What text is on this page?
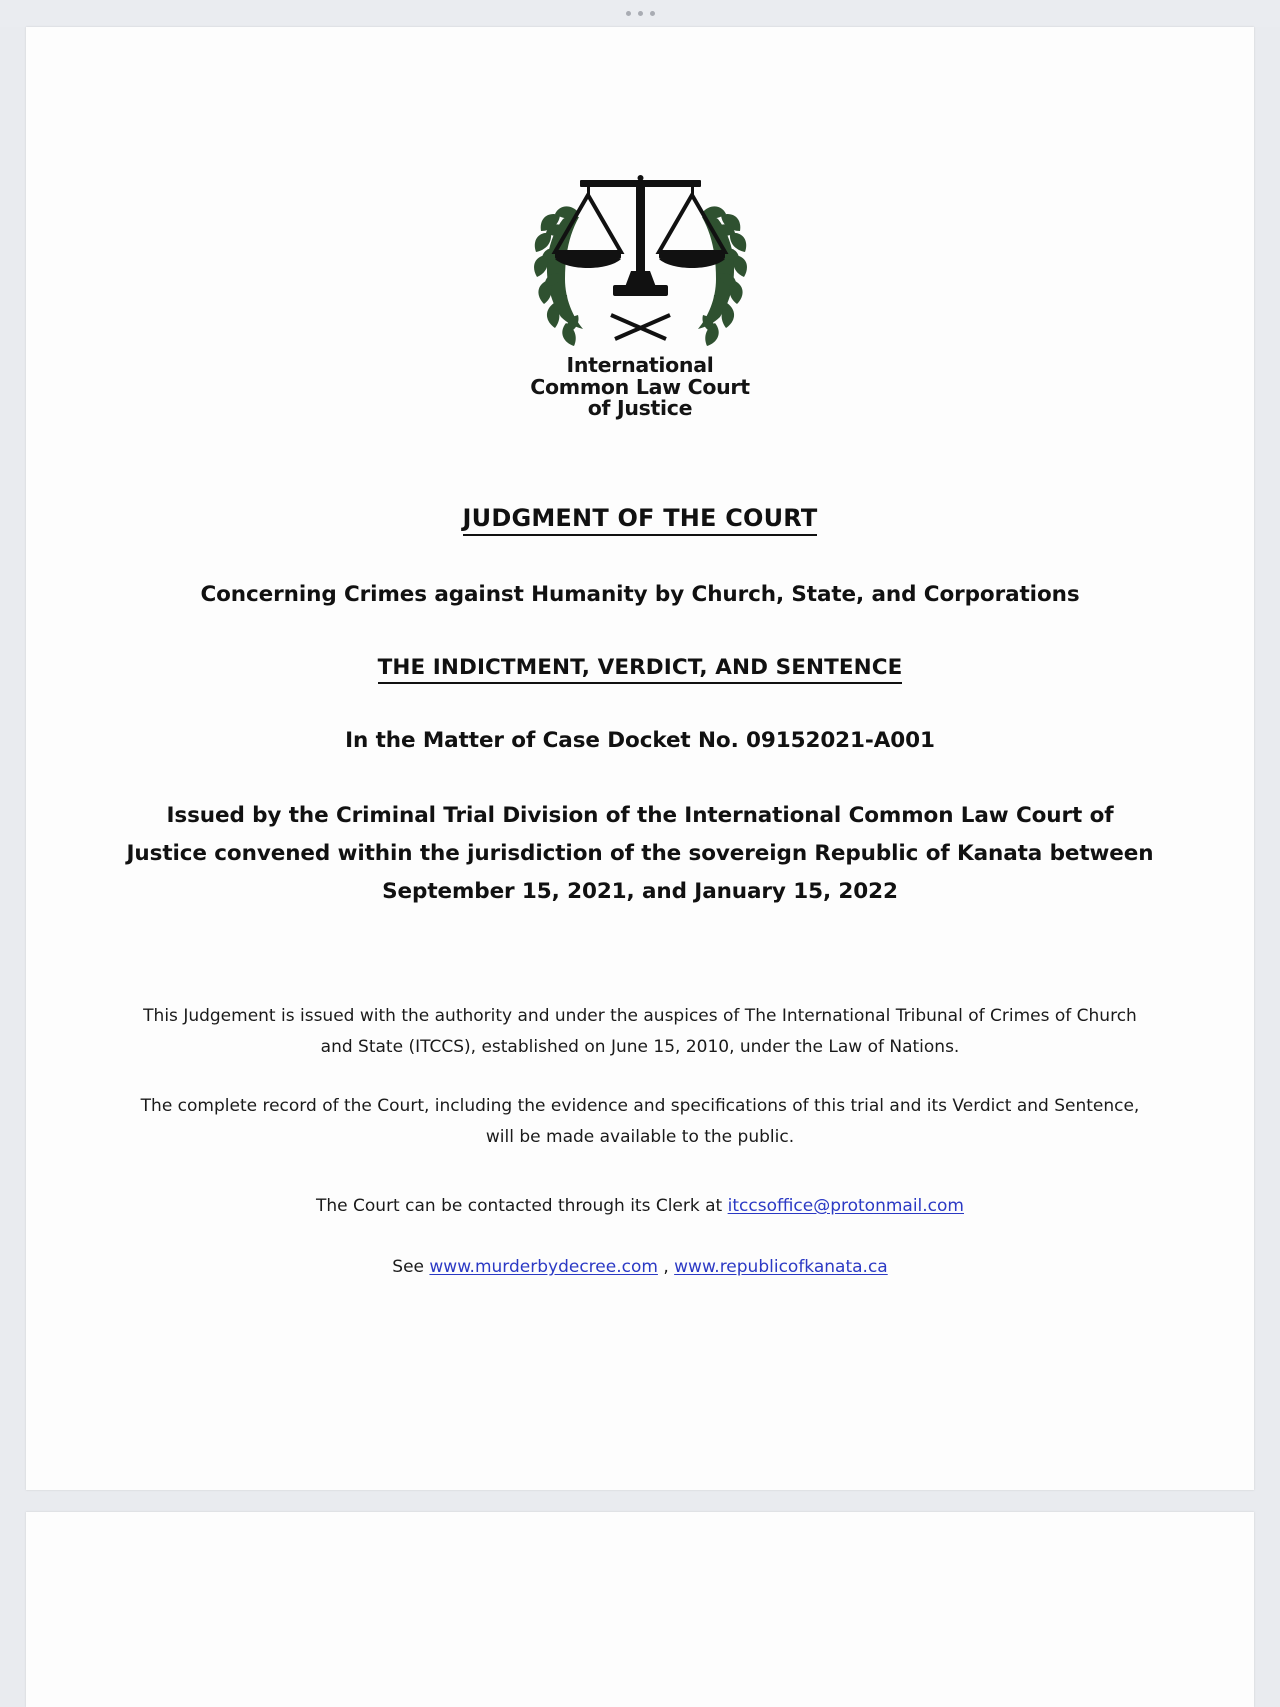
International
Common Law Court
of Justice
JUDGMENT OF THE COURT
Concerning Crimes against Humanity by Church, State, and Corporations
THE INDICTMENT, VERDICT, AND SENTENCE
In the Matter of Case Docket No. 09152021-A001
Issued by the Criminal Trial Division of the International Common Law Court of Justice convened within the jurisdiction of the sovereign Republic of Kanata between September 15, 2021, and January 15, 2022
This Judgement is issued with the authority and under the auspices of The International Tribunal of Crimes of Church and State (ITCCS), established on June 15, 2010, under the Law of Nations.
The complete record of the Court, including the evidence and specifications of this trial and its Verdict and Sentence, will be made available to the public.
The Court can be contacted through its Clerk at itccsoffice@protonmail.com
See www.murderbydecree.com , www.republicofkanata.ca
